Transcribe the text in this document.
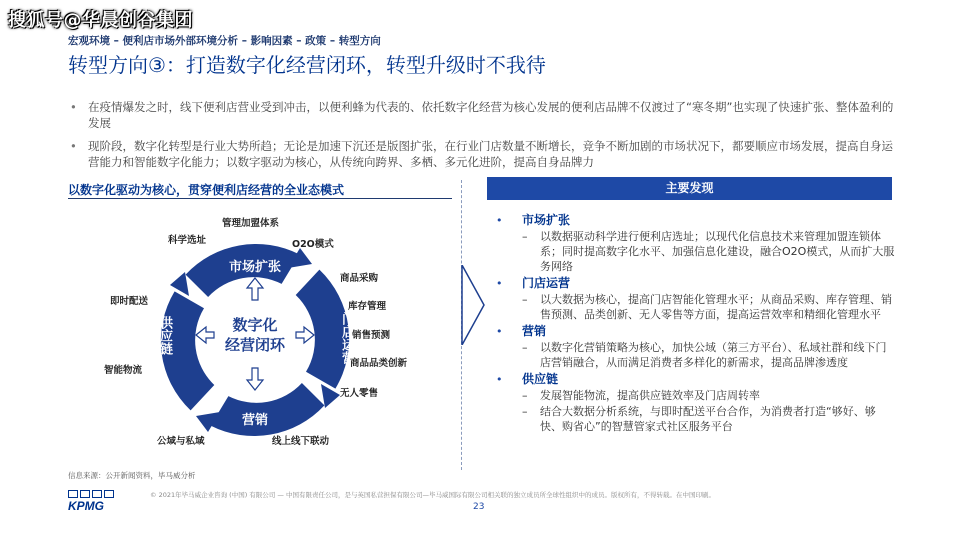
搜狐号@华晨创谷集团
宏观环境 – 便利店市场外部环境分析 – 影响因素 – 政策 – 转型方向
转型方向③：打造数字化经营闭环，转型升级时不我待
• 在疫情爆发之时，线下便利店营业受到冲击，以便利蜂为代表的、依托数字化经营为核心发展的便利店品牌不仅渡过了“寒冬期”也实现了快速扩张、整体盈利的发展
• 现阶段，数字化转型是行业大势所趋；无论是加速下沉还是版图扩张，在行业门店数量不断增长，竞争不断加剧的市场状况下，都要顺应市场发展，提高自身运营能力和智能数字化能力；以数字驱动为核心，从传统向跨界、多栖、多元化进阶，提高自身品牌力
以数字化驱动为核心，贯穿便利店经营的全业态模式
市场扩张
营销
供应链	门店运营
数字化
经营闭环
管理加盟体系
科学选址	O2O模式
商品采购
库存管理
销售预测
商品品类创新
无人零售
线上线下联动
公域与私域
智能物流
即时配送
主要发现
• 市场扩张
– 以数据驱动科学进行便利店选址；以现代化信息技术来管理加盟连锁体系；同时提高数字化水平、加强信息化建设，融合O2O模式，从而扩大服务网络
• 门店运营
– 以大数据为核心，提高门店智能化管理水平；从商品采购、库存管理、销售预测、品类创新、无人零售等方面，提高运营效率和精细化管理水平
• 营销
– 以数字化营销策略为核心，加快公域（第三方平台）、私域社群和线下门店营销融合，从而满足消费者多样化的新需求，提高品牌渗透度
• 供应链
– 发展智能物流，提高供应链效率及门店周转率
– 结合大数据分析系统，与即时配送平台合作，为消费者打造“够好、够快、购省心”的智慧管家式社区服务平台
信息来源：公开新闻资料，毕马威分析
KPMG
© 2021年毕马威企业咨询 (中国) 有限公司 — 中国有限责任公司，是与英国私营担保有限公司—毕马威国际有限公司相关联的独立成员所全球性组织中的成员。版权所有，不得转载。在中国印刷。
23
